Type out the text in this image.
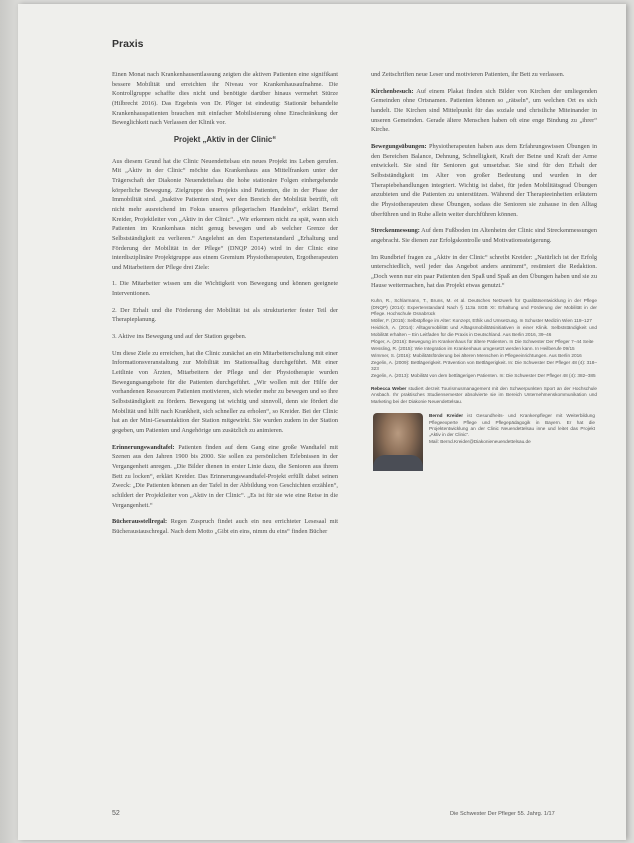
Praxis

Einen Monat nach Krankenhausentlassung zeigten die aktiven Patienten eine signifikant bessere Mobilität und erreichten ihr Niveau vor Krankenhausaufnahme. Die Kontrollgruppe schaffte dies nicht und benötigte darüber hinaus vermehrt Stürze (Hilbrecht 2016). Das Ergebnis von Dr. Plöger ist eindeutig: Stationär behandelte Krankenhauspatienten brauchen mit einfacher Mobilisierung ohne Einschränkung der Beweglichkeit nach Verlassen der Klinik vor.

Projekt „Aktiv in der Clinic“

Aus diesem Grund hat die Clinic Neuendettelsau ein neues Projekt ins Leben gerufen. Mit „Aktiv in der Clinic“ möchte das Krankenhaus aus Mittelfranken unter der Trägerschaft der Diakonie Neuendettelsau die hohe stationäre Folgen einhergehende körperliche Bewegung. Zielgruppe des Projekts sind Patienten, die in der Phase der Immobilität sind. „Inaktive Patienten sind, wer den Bereich der Mobilität betrifft, oft nicht mehr ausreichend im Fokus unseres pflegerischen Handelns“, erklärt Bernd Kreider, Projektleiter von „Aktiv in der Clinic“. „Wir erkennen nicht zu spät, wann sich Patienten im Krankenhaus nicht genug bewegen und ab welcher Grenze der Selbstständigkeit zu verlieren.“ Angelehnt an den Expertenstandard „Erhaltung und Förderung der Mobilität in der Pflege“ (DNQP 2014) wird in der Clinic eine interdisziplinäre Projektgruppe aus einem Gremium Physiotherapeuten, Ergotherapeuten und Mitarbeitern der Pflege drei Ziele:

1. Die Mitarbeiter wissen um die Wichtigkeit von Bewegung und können geeignete Interventionen.

2. Der Erhalt und die Förderung der Mobilität ist als strukturierter fester Teil der Therapieplanung.

3. Aktive ins Bewegung und auf der Station gegeben.

Um diese Ziele zu erreichen, hat die Clinic zunächst an ein Mitarbeiterschulung mit einer Informationsveranstaltung zur Mobilität im Stationsalltag durchgeführt. Mit einer Leitlinie von Ärzten, Mitarbeitern der Pflege und der Physiotherapie wurden Bewegungsangebote für die Patienten durchgeführt. „Wir wollen mit der Hilfe der vorhandenen Ressourcen Patienten motivieren, sich wieder mehr zu bewegen und so ihre Selbstständigkeit zu fördern. Bewegung ist wichtig und sinnvoll, denn sie fördert die Mobilität und hilft nach Krankheit, sich schneller zu erholen“, so Kreider. Bei der Clinic hat an der Mini-Gesamtaktion der Station mitgewirkt. Sie wurden zudem in der Station gegeben, um Patienten und Angehörige um zusätzlich zu animieren.

Erinnerungswandtafel: Patienten finden auf dem Gang eine große Wandtafel mit Szenen aus den Jahren 1900 bis 2000. Sie sollen zu persönlichen Erlebnissen in der Vergangenheit anregen. „Die Bilder dienen in erster Linie dazu, die Senioren aus ihrem Bett zu locken“, erklärt Kreider. Das Erinnerungswandtafel-Projekt erfüllt dabei seinen Zweck: „Die Patienten können an der Tafel in der Abbildung von Geschichten erzählen“, schildert der Projektleiter von „Aktiv in der Clinic“. „Es ist für sie wie eine Reise in die Vergangenheit.“

Bücherausstellregal: Regen Zuspruch findet auch ein neu errichteter Lesesaal mit Bücheraustauschregal. Nach dem Motto „Gibt ein eins, nimm du eins“ finden Bücher

und Zeitschriften neue Leser und motivieren Patienten, ihr Bett zu verlassen.

Kirchenbesuch: Auf einem Plakat finden sich Bilder von Kirchen der umliegenden Gemeinden ohne Ortsnamen. Patienten können so „rätseln“, um welchen Ort es sich handelt. Die Kirchen sind Mittelpunkt für das soziale und christliche Miteinander in unseren Gemeinden. Gerade ältere Menschen haben oft eine enge Bindung zu „ihrer“ Kirche.

Bewegungsübungen: Physiotherapeuten haben aus dem Erfahrungswissen Übungen in den Bereichen Balance, Dehnung, Schnelligkeit, Kraft der Beine und Kraft der Arme entwickelt. Sie sind für Senioren gut umsetzbar. Sie sind für den Erhalt der Selbstständigkeit im Alter von großer Bedeutung und wurden in der Therapiebehandlungen integriert. Wichtig ist dabei, für jeden Mobilitätsgrad Übungen anzubieten und die Patienten zu unterstützen. Während der Therapieeinheiten erläutern die Physiotherapeuten diese Übungen, sodass die Senioren sie zuhause in den Alltag überführen und in Ruhe allein weiter durchführen können.

Streckenmessung: Auf dem Fußboden im Altenheim der Clinic sind Streckenmessungen angebracht. Sie dienen zur Erfolgskontrolle und Motivationssteigerung.

Im Rundbrief fragen zu „Aktiv in der Clinic“ schreibt Kreider: „Natürlich ist der Erfolg unterschiedlich, weil jeder das Angebot anders annimmt“, resümiert die Redaktion. „Doch wenn nur ein paar Patienten den Spaß und Spaß an den Übungen haben und sie zu Hause weitermachen, hat das Projekt etwas genutzt.“

Kuhn, R., Schlarmann, T., Bruns, M. et al. Deutsches Netzwerk für Qualitätsentwicklung in der Pflege (DNQP) (2014): Expertenstandard Nach § 113a SGB XI: Erhaltung und Förderung der Mobilität in der Pflege. Hochschule Osnabrück
Möller, F. (2015): Selbstpflege im Alter: Konzept, Ethik und Umsetzung. In Schuster Medizin Wien 118–127
Heidrich, A. (2014): Alltagsmobilität und Alltagsmobilitätsinitiativen in einer Klinik. Selbstständigkeit und Mobilität erhalten – Ein Leitfaden für die Praxis in Deutschland. Aus Berlin 2016, 39–46
Plöger, A. (2016): Bewegung im Krankenhaus für ältere Patienten. In Die Schwester Der Pfleger 7–44 Seite
Wessling, R. (2015): Wie Integration im Krankenhaus umgesetzt werden kann. In Heilberufe 09/15
Wimmer, S. (2016): Mobilitätsförderung bei älteren Menschen in Pflegeeinrichtungen. Aus Berlin 2016
Zegelin, A. (2009): Bettlägerigkeit. Prävention von Bettlägerigkeit. In: Die Schwester Der Pfleger 48 (4): 318–323
Zegelin, A. (2013): Mobilität von dem bettlägerigen Patienten. In: Die Schwester Der Pfleger 48 (4): 382–385
Rebecca Weber studiert derzeit Tourismusmanagement mit den Schwerpunkten Sport an der Hochschule Ansbach. Ihr praktisches Studiensemester absolvierte sie im Bereich Unternehmenskommunikation und Marketing bei der Diakonie Neuendettelsau.
Bernd Kreider ist Gesundheits- und Krankenpfleger mit Weiterbildung Pflegeexperte Pflege und Pflegepädagogik in Bayern. Er hat die Projektentwicklung an der Clinic Neuendettelsau inne und leitet das Projekt „Aktiv in der Clinic“.
Mail: Bernd.Kreider@Diakonieneuendettelsau.de
52	Die Schwester Der Pfleger 55. Jahrg. 1/17
